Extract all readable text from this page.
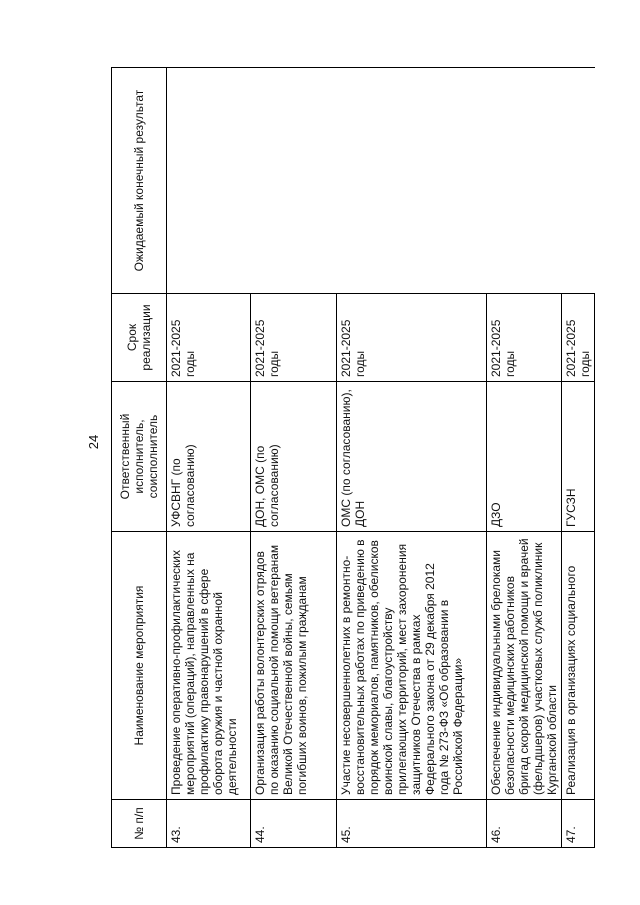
24
№ п/п	Наименование мероприятия	Ответственный исполнитель, соисполнитель	Срок реализации	Ожидаемый конечный результат
43.	Проведение оперативно-профилактических мероприятий (операций), направленных на профилактику правонарушений в сфере оборота оружия и частной охранной деятельности	УФСВНГ (по согласованию)	2021-2025 годы	
44.	Организация работы волонтерских отрядов по оказанию социальной помощи ветеранам Великой Отечественной войны, семьям погибших воинов, пожилым гражданам	ДОН, ОМС (по согласованию)	2021-2025 годы	
45.	Участие несовершеннолетних в ремонтно-восстановительных работах по приведению в порядок мемориалов, памятников, обелисков воинской славы, благоустройству прилегающих территорий, мест захоронения защитников Отечества в рамках Федерального закона от 29 декабря 2012 года № 273-ФЗ «Об образовании в Российской Федерации»	ОМС (по согласованию), ДОН	2021-2025 годы	
46.	Обеспечение индивидуальными брелоками безопасности медицинских работников бригад скорой медицинской помощи и врачей (фельдшеров) участковых служб поликлиник Курганской области	ДЗО	2021-2025 годы	
47.	Реализация в организациях социального	ГУСЗН	2021-2025 годы	
